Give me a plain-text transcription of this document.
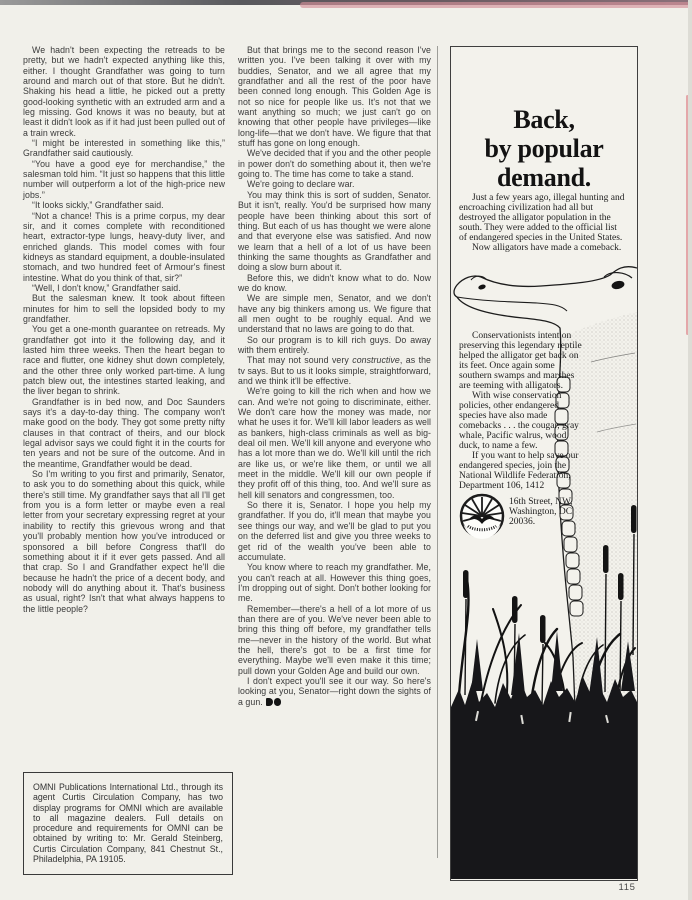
We hadn't been expecting the retreads to be pretty, but we hadn't expected anything like this, either. I thought Grandfather was going to turn around and march out of that store. But he didn't. Shaking his head a little, he picked out a pretty good-looking synthetic with an extruded arm and a leg missing. God knows it was no beauty, but at least it didn't look as if it had just been pulled out of a train wreck.

“I might be interested in something like this,” Grandfather said cautiously.

“You have a good eye for merchandise,” the salesman told him. “It just so happens that this little number will outperform a lot of the high-price new jobs.”

“It looks sickly,” Grandfather said.

“Not a chance! This is a prime corpus, my dear sir, and it comes complete with reconditioned heart, extractor-type lungs, heavy-duty liver, and enriched glands. This model comes with four kidneys as standard equipment, a double-insulated stomach, and two hundred feet of Armour's finest intestine. What do you think of that, sir?”

“Well, I don't know,” Grandfather said.

But the salesman knew. It took about fifteen minutes for him to sell the lopsided body to my grandfather.

You get a one-month guarantee on retreads. My grandfather got into it the following day, and it lasted him three weeks. Then the heart began to race and flutter, one kidney shut down completely, and the other three only worked part-time. A lung patch blew out, the intestines started leaking, and the liver began to shrink.

Grandfather is in bed now, and Doc Saunders says it's a day-to-day thing. The company won't make good on the body. They got some pretty nifty clauses in that contract of theirs, and our block legal advisor says we could fight it in the courts for ten years and not be sure of the outcome. And in the meantime, Grandfather would be dead.

So I'm writing to you first and primarily, Senator, to ask you to do something about this quick, while there's still time. My grandfather says that all I'll get from you is a form letter or maybe even a real letter from your secretary expressing regret at your inability to rectify this grievous wrong and that you'll probably mention how you've introduced or sponsored a bill before Congress that'll do something about it if it ever gets passed. And all that crap. So I and Grandfather expect he'll die because he hadn't the price of a decent body, and nobody will do anything about it. That's business as usual, right? Isn't that what always happens to the little people?

But that brings me to the second reason I've written you. I've been talking it over with my buddies, Senator, and we all agree that my grandfather and all the rest of the poor have been conned long enough. This Golden Age is not so nice for people like us. It's not that we want anything so much; we just can't go on knowing that other people have privileges—like long-life—that we don't have. We figure that that stuff has gone on long enough.

We've decided that if you and the other people in power don't do something about it, then we're going to. The time has come to take a stand.

We're going to declare war.

You may think this is sort of sudden, Senator. But it isn't, really. You'd be surprised how many people have been thinking about this sort of thing. But each of us has thought we were alone and that everyone else was satisfied. And now we learn that a hell of a lot of us have been thinking the same thoughts as Grandfather and doing a slow burn about it.

Before this, we didn't know what to do. Now we do know.

We are simple men, Senator, and we don't have any big thinkers among us. We figure that all men ought to be roughly equal. And we understand that no laws are going to do that.

So our program is to kill rich guys. Do away with them entirely.

That may not sound very constructive, as the tv says. But to us it looks simple, straightforward, and we think it'll be effective.

We're going to kill the rich when and how we can. And we're not going to discriminate, either. We don't care how the money was made, nor what he uses it for. We'll kill labor leaders as well as bankers, high-class criminals as well as big-deal oil men. We'll kill anyone and everyone who has a lot more than we do. We'll kill until the rich are like us, or we're like them, or until we all meet in the middle. We'll kill our own people if they profit off of this thing, too. And we'll sure as hell kill senators and congressmen, too.

So there it is, Senator. I hope you help my grandfather. If you do, it'll mean that maybe you see things our way, and we'll be glad to put you on the deferred list and give you three weeks to get rid of the wealth you've been able to accumulate.

You know where to reach my grandfather. Me, you can't reach at all. However this thing goes, I'm dropping out of sight. Don't bother looking for me.

Remember—there's a hell of a lot more of us than there are of you. We've never been able to bring this thing off before, my grandfather tells me—never in the history of the world. But what the hell, there's got to be a first time for everything. Maybe we'll even make it this time; pull down your Golden Age and build our own.

I don't expect you'll see it our way. So here's looking at you, Senator—right down the sights of a gun.

OMNI Publications International Ltd., through its agent Curtis Circulation Company, has two display programs for OMNI which are available to all magazine dealers. Full details on procedure and requirements for OMNI can be obtained by writing to: Mr. Gerald Steinberg, Curtis Circulation Company, 841 Chestnut St., Philadelphia, PA 19105.
Back,
by popular
demand.

Just a few years ago, illegal hunting and encroaching civilization had all but destroyed the alligator population in the south. They were added to the official list of endangered species in the United States.

Now alligators have made a comeback.

Conservationists intent on preserving this legendary reptile helped the alligator get back on its feet. Once again some southern swamps and marshes are teeming with alligators.

With wise conservation policies, other endangered species have also made comebacks . . . the cougar, gray whale, Pacific walrus, wood duck, to name a few.

If you want to help save our endangered species, join the National Wildlife Federation, Department 106, 1412

16th Street, NW,
Washington, DC
20036.
115
